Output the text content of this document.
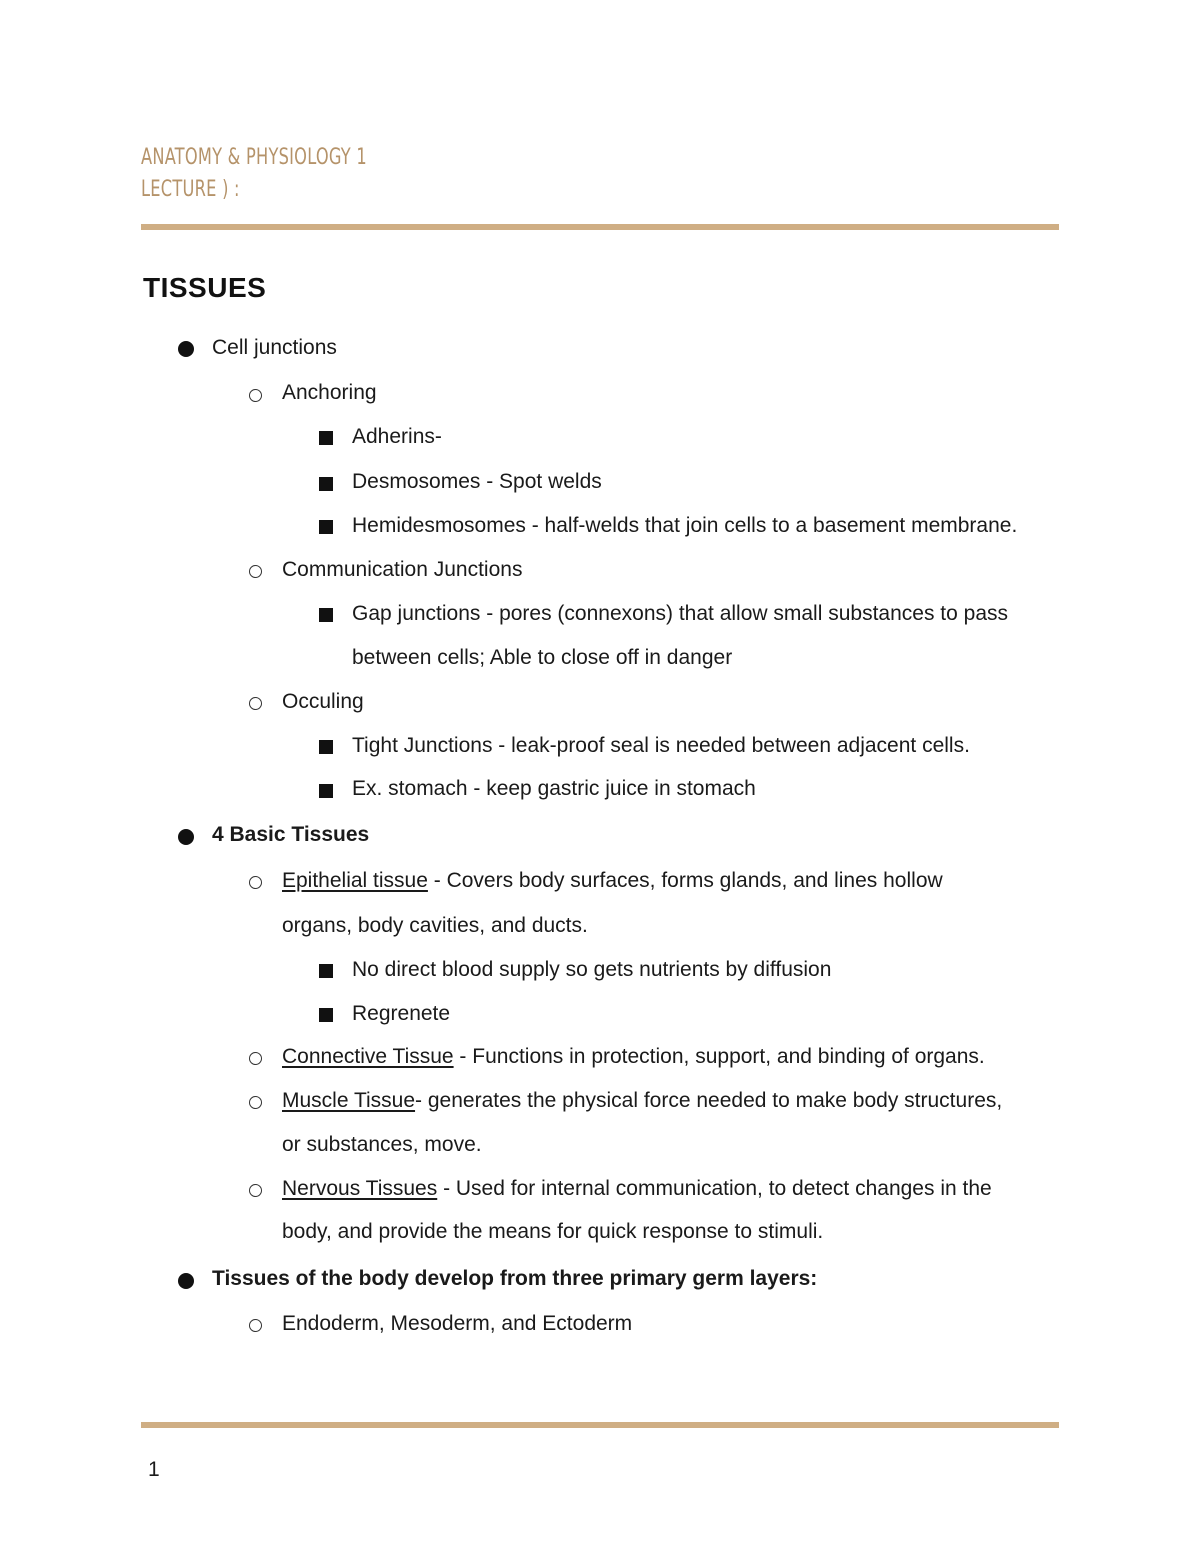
ANATOMY & PHYSIOLOGY 1
LECTURE ) :
TISSUES
Cell junctions
Anchoring
Adherins-
Desmosomes - Spot welds
Hemidesmosomes - half-welds that join cells to a basement membrane.
Communication Junctions
Gap junctions - pores (connexons) that allow small substances to pass
between cells; Able to close off in danger
Occuling
Tight Junctions - leak-proof seal is needed between adjacent cells.
Ex. stomach - keep gastric juice in stomach
4 Basic Tissues
Epithelial tissue - Covers body surfaces, forms glands, and lines hollow
organs, body cavities, and ducts.
No direct blood supply so gets nutrients by diffusion
Regrenete
Connective Tissue - Functions in protection, support, and binding of organs.
Muscle Tissue- generates the physical force needed to make body structures,
or substances, move.
Nervous Tissues - Used for internal communication, to detect changes in the
body, and provide the means for quick response to stimuli.
Tissues of the body develop from three primary germ layers:
Endoderm, Mesoderm, and Ectoderm
1
